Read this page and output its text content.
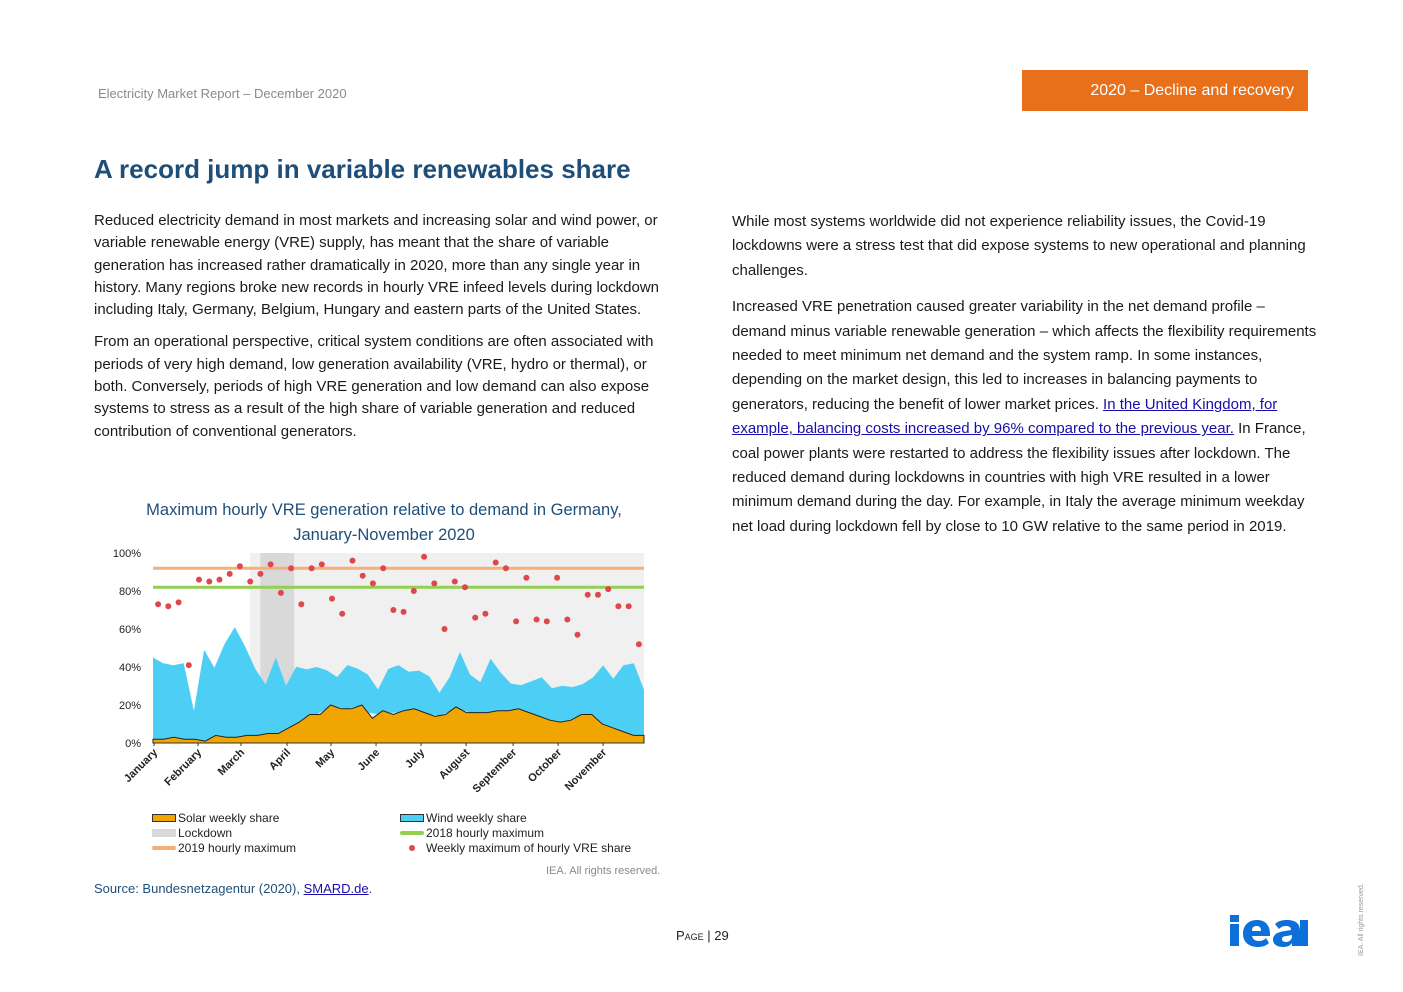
Electricity Market Report – December 2020	2020 – Decline and recovery
A record jump in variable renewables share

Reduced electricity demand in most markets and increasing solar and wind power, or variable renewable energy (VRE) supply, has meant that the share of variable generation has increased rather dramatically in 2020, more than any single year in history. Many regions broke new records in hourly VRE infeed levels during lockdown including Italy, Germany, Belgium, Hungary and eastern parts of the United States.

From an operational perspective, critical system conditions are often associated with periods of very high demand, low generation availability (VRE, hydro or thermal), or both. Conversely, periods of high VRE generation and low demand can also expose systems to stress as a result of the high share of variable generation and reduced contribution of conventional generators.

While most systems worldwide did not experience reliability issues, the Covid-19 lockdowns were a stress test that did expose systems to new operational and planning challenges.

Increased VRE penetration caused greater variability in the net demand profile – demand minus variable renewable generation – which affects the flexibility requirements needed to meet minimum net demand and the system ramp. In some instances, depending on the market design, this led to increases in balancing payments to generators, reducing the benefit of lower market prices. In the United Kingdom, for example, balancing costs increased by 96% compared to the previous year. In France, coal power plants were restarted to address the flexibility issues after lockdown. The reduced demand during lockdowns in countries with high VRE resulted in a lower minimum demand during the day. For example, in Italy the average minimum weekday net load during lockdown fell by close to 10 GW relative to the same period in 2019.

Maximum hourly VRE generation relative to demand in Germany,
January-November 2020
0%
20%
40%
60%
80%
100%
January February March April May June July August
September October
November
Solar weekly share	Wind weekly share
Lockdown	2018 hourly maximum
2019 hourly maximum	Weekly maximum of hourly VRE share
IEA. All rights reserved.
Source: Bundesnetzagentur (2020), SMARD.de.
Page | 29	IEA. All rights reserved.
